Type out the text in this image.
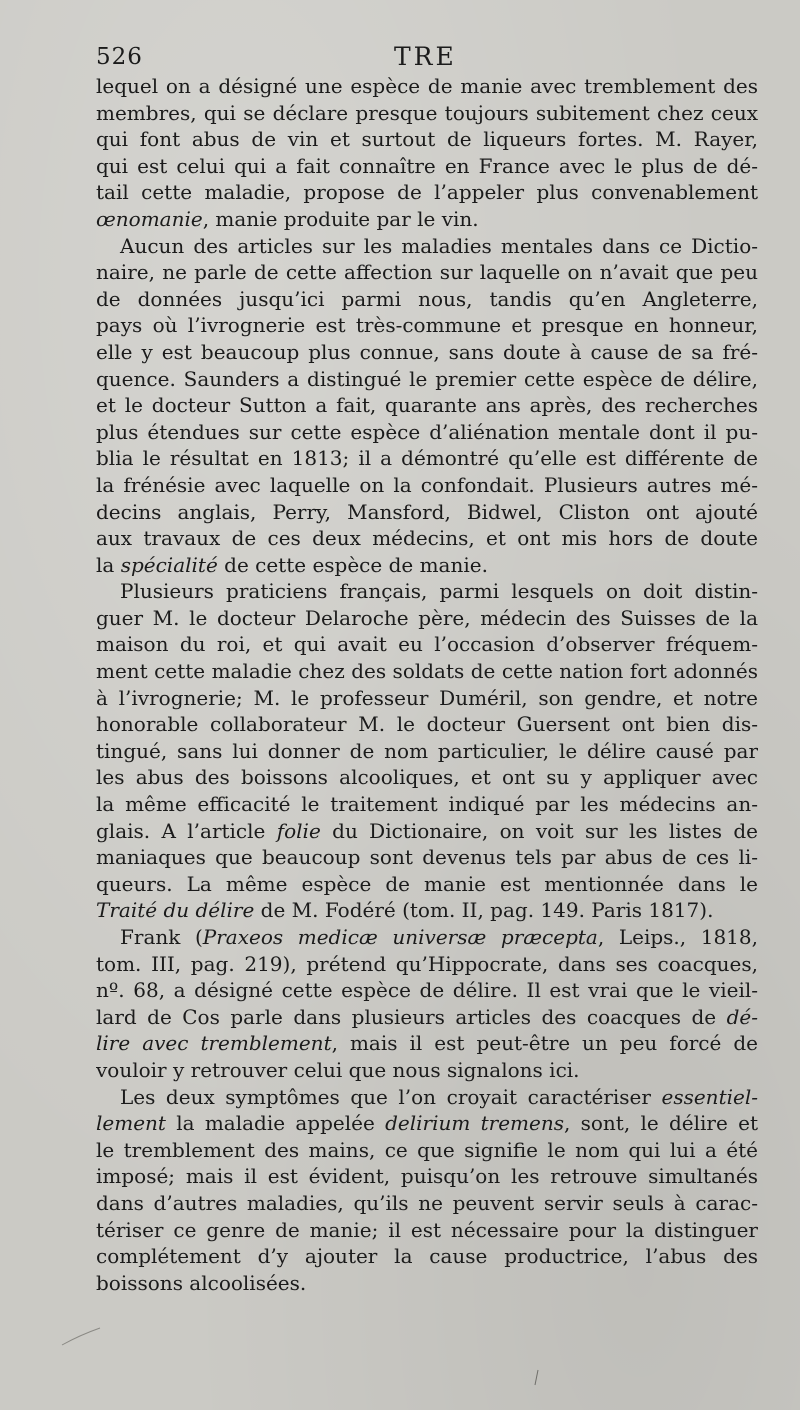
526	TRE
lequel on a désigné une espèce de manie avec tremblement des
membres, qui se déclare presque toujours subitement chez ceux
qui font abus de vin et surtout de liqueurs fortes. M. Rayer,
qui est celui qui a fait connaître en France avec le plus de dé-
tail cette maladie, propose de l’appeler plus convenablement
œnomanie, manie produite par le vin.
Aucun des articles sur les maladies mentales dans ce Dictio-
naire, ne parle de cette affection sur laquelle on n’avait que peu
de données jusqu’ici parmi nous, tandis qu’en Angleterre,
pays où l’ivrognerie est très-commune et presque en honneur,
elle y est beaucoup plus connue, sans doute à cause de sa fré-
quence. Saunders a distingué le premier cette espèce de délire,
et le docteur Sutton a fait, quarante ans après, des recherches
plus étendues sur cette espèce d’aliénation mentale dont il pu-
blia le résultat en 1813; il a démontré qu’elle est différente de
la frénésie avec laquelle on la confondait. Plusieurs autres mé-
decins anglais, Perry, Mansford, Bidwel, Cliston ont ajouté
aux travaux de ces deux médecins, et ont mis hors de doute
la spécialité de cette espèce de manie.
Plusieurs praticiens français, parmi lesquels on doit distin-
guer M. le docteur Delaroche père, médecin des Suisses de la
maison du roi, et qui avait eu l’occasion d’observer fréquem-
ment cette maladie chez des soldats de cette nation fort adonnés
à l’ivrognerie; M. le professeur Duméril, son gendre, et notre
honorable collaborateur M. le docteur Guersent ont bien dis-
tingué, sans lui donner de nom particulier, le délire causé par
les abus des boissons alcooliques, et ont su y appliquer avec
la même efficacité le traitement indiqué par les médecins an-
glais. A l’article folie du Dictionaire, on voit sur les listes de
maniaques que beaucoup sont devenus tels par abus de ces li-
queurs. La même espèce de manie est mentionnée dans le
Traité du délire de M. Fodéré (tom. II, pag. 149. Paris 1817).
Frank (Praxeos medicæ universæ præcepta, Leips., 1818,
tom. III, pag. 219), prétend qu’Hippocrate, dans ses coacques,
nº. 68, a désigné cette espèce de délire. Il est vrai que le vieil-
lard de Cos parle dans plusieurs articles des coacques de dé-
lire avec tremblement, mais il est peut-être un peu forcé de
vouloir y retrouver celui que nous signalons ici.
Les deux symptômes que l’on croyait caractériser essentiel-
lement la maladie appelée delirium tremens, sont, le délire et
le tremblement des mains, ce que signifie le nom qui lui a été
imposé; mais il est évident, puisqu’on les retrouve simultanés
dans d’autres maladies, qu’ils ne peuvent servir seuls à carac-
tériser ce genre de manie; il est nécessaire pour la distinguer
complétement d’y ajouter la cause productrice, l’abus des
boissons alcoolisées.
